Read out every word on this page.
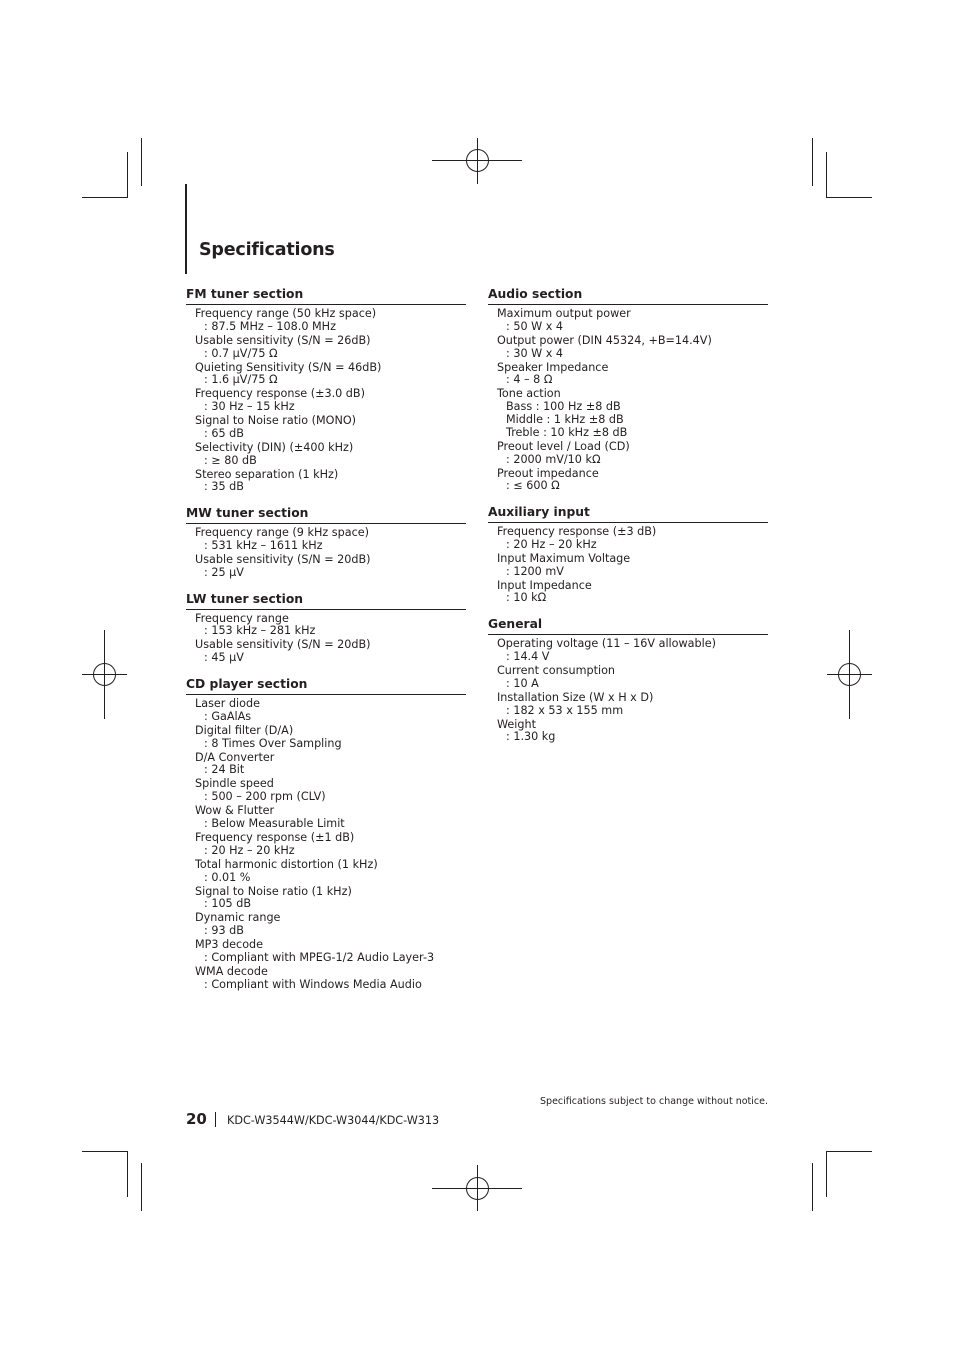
Specifications
FM tuner section
Frequency range (50 kHz space)
: 87.5 MHz – 108.0 MHz
Usable sensitivity (S/N = 26dB)
: 0.7 μV/75 Ω
Quieting Sensitivity (S/N = 46dB)
: 1.6 μV/75 Ω
Frequency response (±3.0 dB)
: 30 Hz – 15 kHz
Signal to Noise ratio (MONO)
: 65 dB
Selectivity (DIN) (±400 kHz)
: ≥ 80 dB
Stereo separation (1 kHz)
: 35 dB
MW tuner section
Frequency range (9 kHz space)
: 531 kHz – 1611 kHz
Usable sensitivity (S/N = 20dB)
: 25 μV
LW tuner section
Frequency range
: 153 kHz – 281 kHz
Usable sensitivity (S/N = 20dB)
: 45 μV
CD player section
Laser diode
: GaAlAs
Digital filter (D/A)
: 8 Times Over Sampling
D/A Converter
: 24 Bit
Spindle speed
: 500 – 200 rpm (CLV)
Wow & Flutter
: Below Measurable Limit
Frequency response (±1 dB)
: 20 Hz – 20 kHz
Total harmonic distortion (1 kHz)
: 0.01 %
Signal to Noise ratio (1 kHz)
: 105 dB
Dynamic range
: 93 dB
MP3 decode
: Compliant with MPEG-1/2 Audio Layer-3
WMA decode
: Compliant with Windows Media Audio
Audio section
Maximum output power
: 50 W x 4
Output power (DIN 45324, +B=14.4V)
: 30 W x 4
Speaker Impedance
: 4 – 8 Ω
Tone action
Bass : 100 Hz ±8 dB
Middle : 1 kHz ±8 dB
Treble : 10 kHz ±8 dB
Preout level / Load (CD)
: 2000 mV/10 kΩ
Preout impedance
: ≤ 600 Ω
Auxiliary input
Frequency response (±3 dB)
: 20 Hz – 20 kHz
Input Maximum Voltage
: 1200 mV
Input Impedance
: 10 kΩ
General
Operating voltage (11 – 16V allowable)
: 14.4 V
Current consumption
: 10 A
Installation Size (W x H x D)
: 182 x 53 x 155 mm
Weight
: 1.30 kg
Specifications subject to change without notice.
20 KDC-W3544W/KDC-W3044/KDC-W313
